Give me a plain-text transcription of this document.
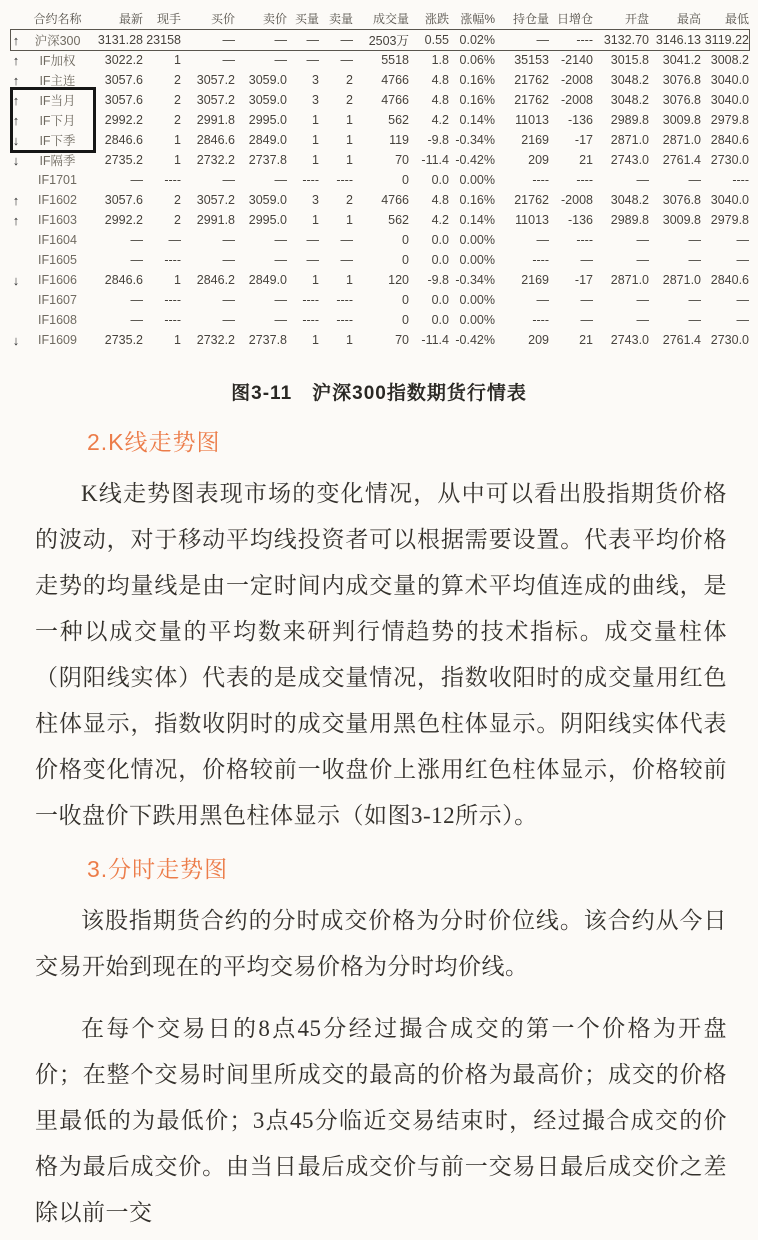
	合约名称	最新	现手	买价	卖价	买量	卖量	成交量	涨跌	涨幅%	持仓量	日增仓	开盘	最高	最低
↑	沪深300	3131.28	23158	—	—	—	—	2503万	0.55	0.02%	—	----	3132.70	3146.13	3119.22
↑	IF加权	3022.2	1	—	—	—	—	5518	1.8	0.06%	35153	-2140	3015.8	3041.2	3008.2
↑	IF主连	3057.6	2	3057.2	3059.0	3	2	4766	4.8	0.16%	21762	-2008	3048.2	3076.8	3040.0
↑	IF当月	3057.6	2	3057.2	3059.0	3	2	4766	4.8	0.16%	21762	-2008	3048.2	3076.8	3040.0
↑	IF下月	2992.2	2	2991.8	2995.0	1	1	562	4.2	0.14%	11013	-136	2989.8	3009.8	2979.8
↓	IF下季	2846.6	1	2846.6	2849.0	1	1	119	-9.8	-0.34%	2169	-17	2871.0	2871.0	2840.6
↓	IF隔季	2735.2	1	2732.2	2737.8	1	1	70	-11.4	-0.42%	209	21	2743.0	2761.4	2730.0
	IF1701	—	----	—	—	----	----	0	0.0	0.00%	----	----	—	—	----
↑	IF1602	3057.6	2	3057.2	3059.0	3	2	4766	4.8	0.16%	21762	-2008	3048.2	3076.8	3040.0
↑	IF1603	2992.2	2	2991.8	2995.0	1	1	562	4.2	0.14%	11013	-136	2989.8	3009.8	2979.8
	IF1604	—	—	—	—	—	—	0	0.0	0.00%	—	----	—	—	—
	IF1605	—	----	—	—	—	—	0	0.0	0.00%	----	—	—	—	—
↓	IF1606	2846.6	1	2846.2	2849.0	1	1	120	-9.8	-0.34%	2169	-17	2871.0	2871.0	2840.6
	IF1607	—	----	—	—	----	----	0	0.0	0.00%	—	—	—	—	—
	IF1608	—	----	—	—	----	----	0	0.0	0.00%	----	—	—	—	—
↓	IF1609	2735.2	1	2732.2	2737.8	1	1	70	-11.4	-0.42%	209	21	2743.0	2761.4	2730.0
图3-11　沪深300指数期货行情表
2.K线走势图

K线走势图表现市场的变化情况，从中可以看出股指期货价格的波动，对于移动平均线投资者可以根据需要设置。代表平均价格走势的均量线是由一定时间内成交量的算术平均值连成的曲线，是一种以成交量的平均数来研判行情趋势的技术指标。成交量柱体（阴阳线实体）代表的是成交量情况，指数收阳时的成交量用红色柱体显示，指数收阴时的成交量用黑色柱体显示。阴阳线实体代表价格变化情况，价格较前一收盘价上涨用红色柱体显示，价格较前一收盘价下跌用黑色柱体显示（如图3-12所示）。

3.分时走势图

该股指期货合约的分时成交价格为分时价位线。该合约从今日交易开始到现在的平均交易价格为分时均价线。

在每个交易日的8点45分经过撮合成交的第一个价格为开盘价；在整个交易时间里所成交的最高的价格为最高价；成交的价格里最低的为最低价；3点45分临近交易结束时，经过撮合成交的价格为最后成交价。由当日最后成交价与前一交易日最后成交价之差除以前一交
